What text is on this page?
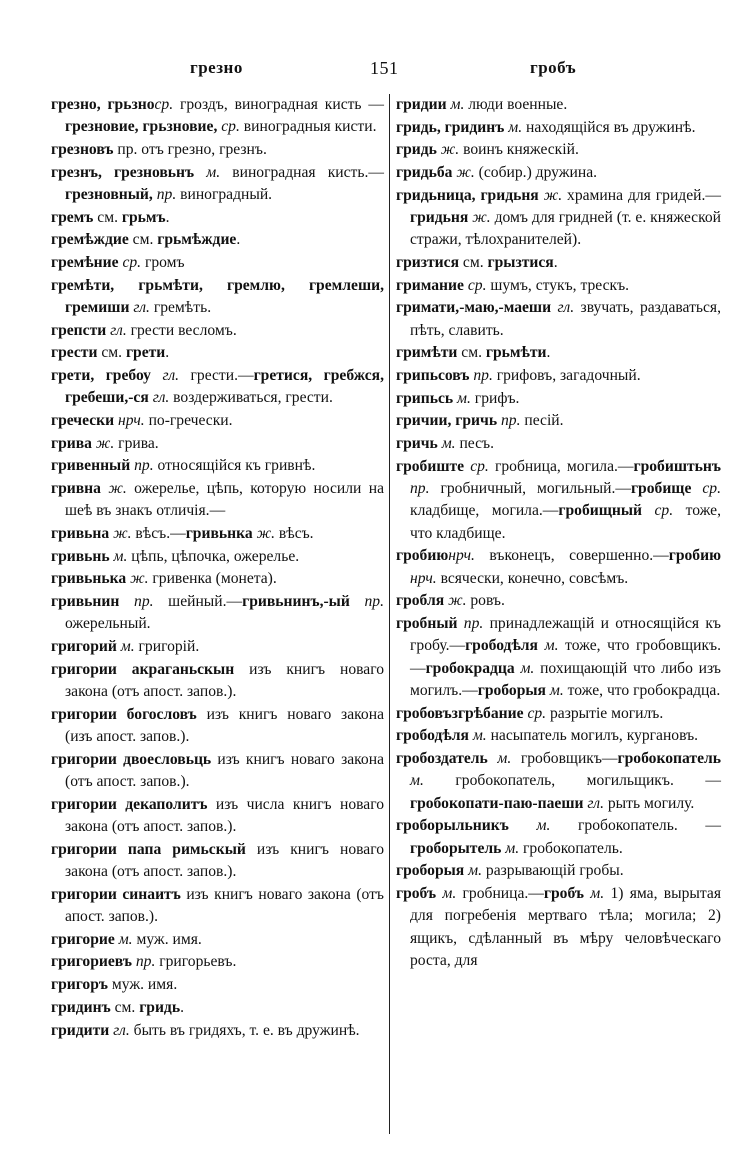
грезно	151	гробъ

грезно, грьзноср. гроздъ, виноградная кисть — грезновие, грьзновие, ср. виноградныя кисти.

грезновъ пр. отъ грезно, грезнъ.

грезнъ, грезновьнъ м. виноградная кисть.—грезновный, пр. виноградный.

гремъ см. грьмъ.

гремѣждие см. грьмѣждие.

гремѣние ср. громъ

гремѣти, грьмѣти, гремлю, гремлеши, гремиши гл. гремѣть.

грепсти гл. грести весломъ.

грести см. грети.

грети, гребоу гл. грести.—гретися, гребжся, гребеши,-ся гл. воздерживаться, грести.

гречески нрч. по-гречески.

грива ж. грива.

гривенный пр. относящійся къ гривнѣ.

гривна ж. ожерелье, цѣпь, которую носили на шеѣ въ знакъ отличія.—

гривьна ж. вѣсъ.—гривьнка ж. вѣсъ.

гривьнь м. цѣпь, цѣпочка, ожерелье.

гривьнька ж. гривенка (монета).

гривьнин пр. шейный.—гривьнинъ,-ый пр. ожерельный.

григорий м. григорій.

григории акраганьскын изъ книгъ новаго закона (отъ апост. запов.).

григории богословъ изъ книгъ новаго закона (изъ апост. запов.).

григории двоесловьць изъ книгъ новаго закона (отъ апост. запов.).

григории декаполитъ изъ числа книгъ новаго закона (отъ апост. запов.).

григории папа римьскый изъ книгъ новаго закона (отъ апост. запов.).

григории синаитъ изъ книгъ новаго закона (отъ апост. запов.).

григорие м. муж. имя.

григориевъ пр. григорьевъ.

григоръ муж. имя.

гридинъ см. гридь.

гридити гл. быть въ гридяхъ, т. е. въ дружинѣ.

гридии м. люди военные.

гридь, гридинъ м. находящійся въ дружинѣ.

гридь ж. воинъ княжескій.

гридьба ж. (собир.) дружина.

гридьница, гридьня ж. храмина для гридей.—гридьня ж. домъ для гридней (т. е. княжеской стражи, тѣлохранителей).

гризтися см. грызтися.

гримание ср. шумъ, стукъ, трескъ.

гримати,-маю,-маеши гл. звучать, раздаваться, пѣть, славить.

гримѣти см. грьмѣти.

грипьсовъ пр. грифовъ, загадочный.

грипьсь м. грифъ.

гричии, гричь пр. песій.

гричь м. песъ.

гробиште ср. гробница, могила.—гробиштьнъ пр. гробничный, могильный.—гробище ср. кладбище, могила.—гробищный ср. тоже, что кладбище.

гробиюнрч. въконецъ, совершенно.—гробию нрч. всячески, конечно, совсѣмъ.

гробля ж. ровъ.

гробный пр. принадлежащій и относящійся къ гробу.—грободѣля м. тоже, что гробовщикъ.—гробокрадца м. похищающій что либо изъ могилъ.—гроборыя м. тоже, что гробокрадца.

гробовъзгрѣбание ср. разрытіе могилъ.

грободѣля м. насыпатель могилъ, кургановъ.

гробоздатель м. гробовщикъ—гробокопатель м. гробокопатель, могильщикъ. — гробокопати-паю-паеши гл. рыть могилу.

гроборыльникъ м. гробокопатель. — гроборытель м. гробокопатель.

гроборыя м. разрывающій гробы.

гробъ м. гробница.—гробъ м. 1) яма, вырытая для погребенія мертваго тѣла; могила; 2) ящикъ, сдѣланный въ мѣру человѣческаго роста, для
